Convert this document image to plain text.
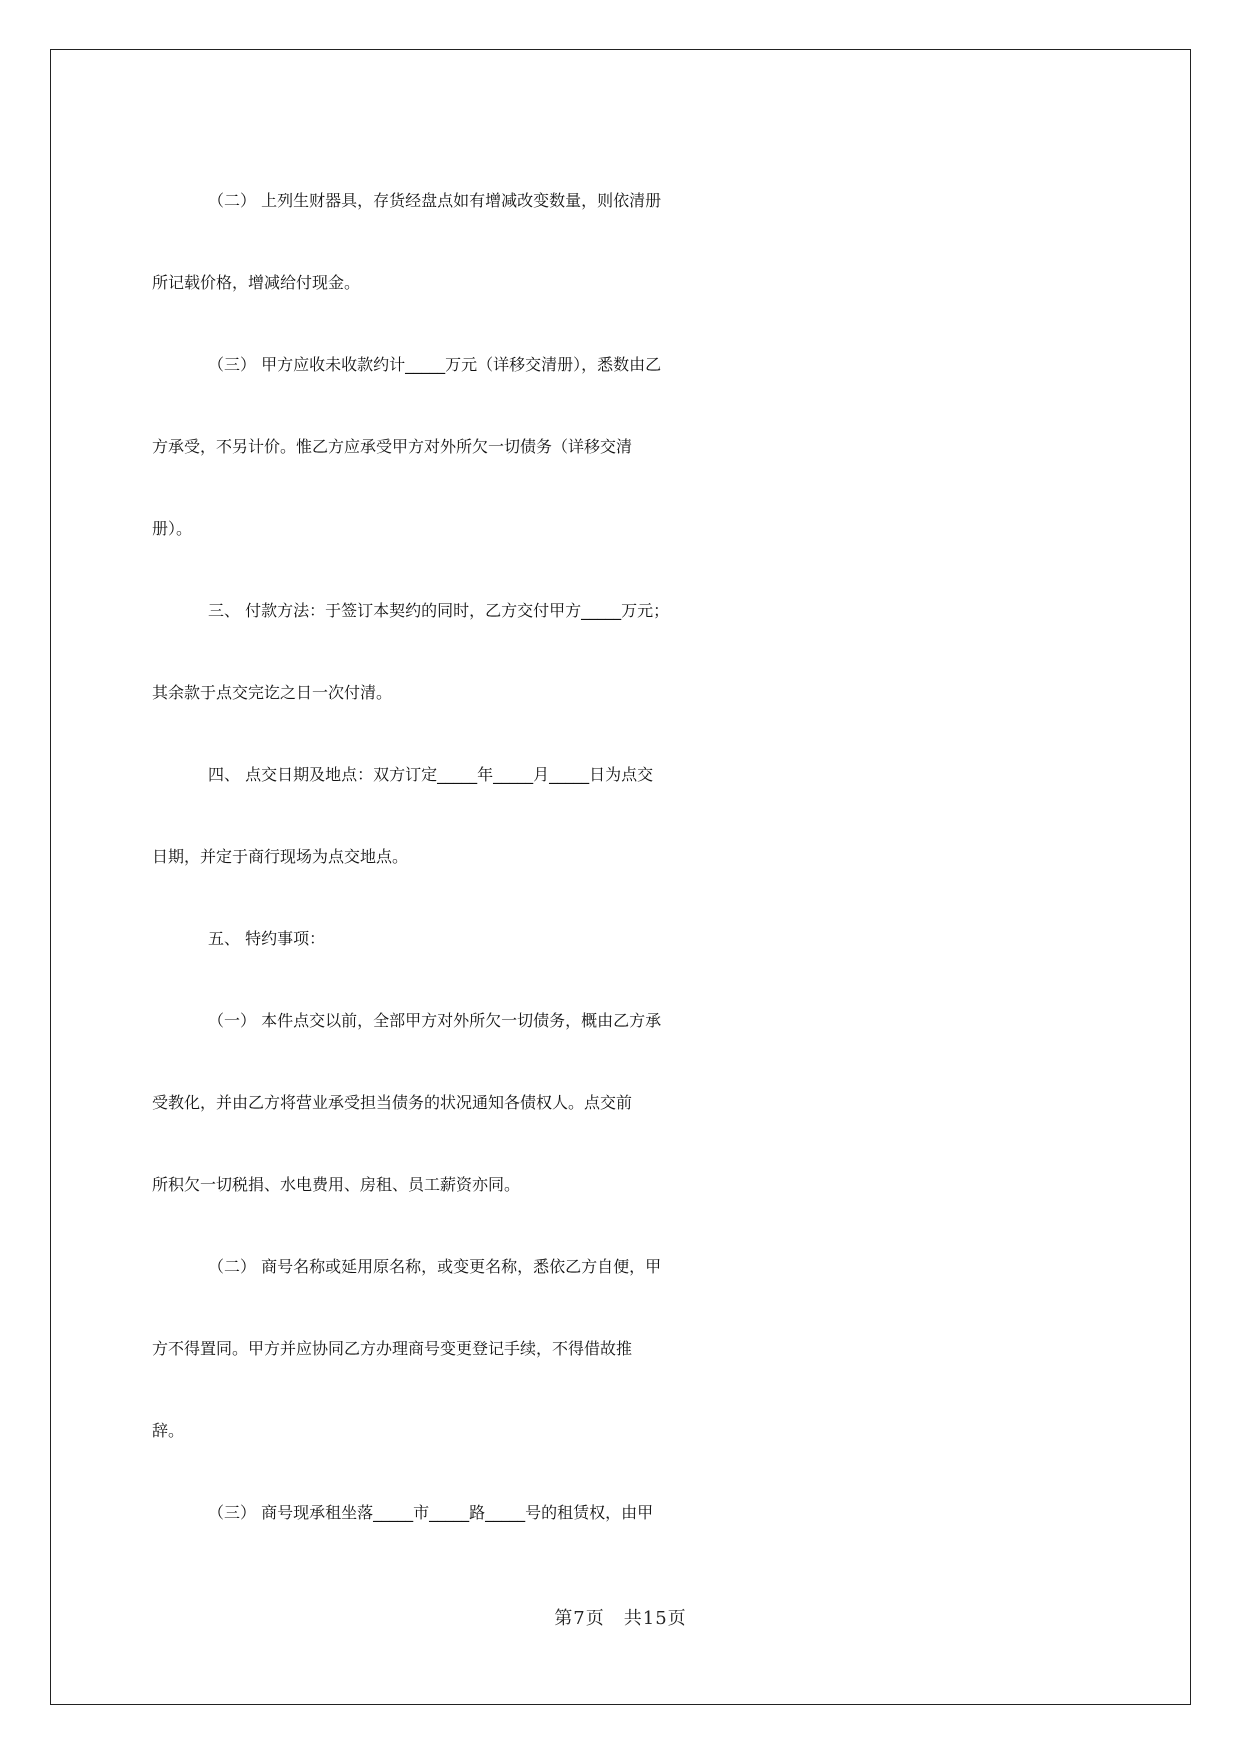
（二） 上列生财器具，存货经盘点如有增减改变数量，则依清册
所记载价格，增减给付现金。
（三） 甲方应收未收款约计_____万元（详移交清册），悉数由乙
方承受，不另计价。惟乙方应承受甲方对外所欠一切债务（详移交清
册）。
三、 付款方法：于签订本契约的同时，乙方交付甲方_____万元；
其余款于点交完讫之日一次付清。
四、 点交日期及地点：双方订定_____年_____月_____日为点交
日期，并定于商行现场为点交地点。
五、 特约事项：
（一） 本件点交以前，全部甲方对外所欠一切债务，概由乙方承
受教化，并由乙方将营业承受担当债务的状况通知各债权人。点交前
所积欠一切税捐、水电费用、房租、员工薪资亦同。
（二） 商号名称或延用原名称，或变更名称，悉依乙方自便，甲
方不得置同。甲方并应协同乙方办理商号变更登记手续，不得借故推
辞。
（三） 商号现承租坐落_____市_____路_____号的租赁权，由甲
第7页　共15页
